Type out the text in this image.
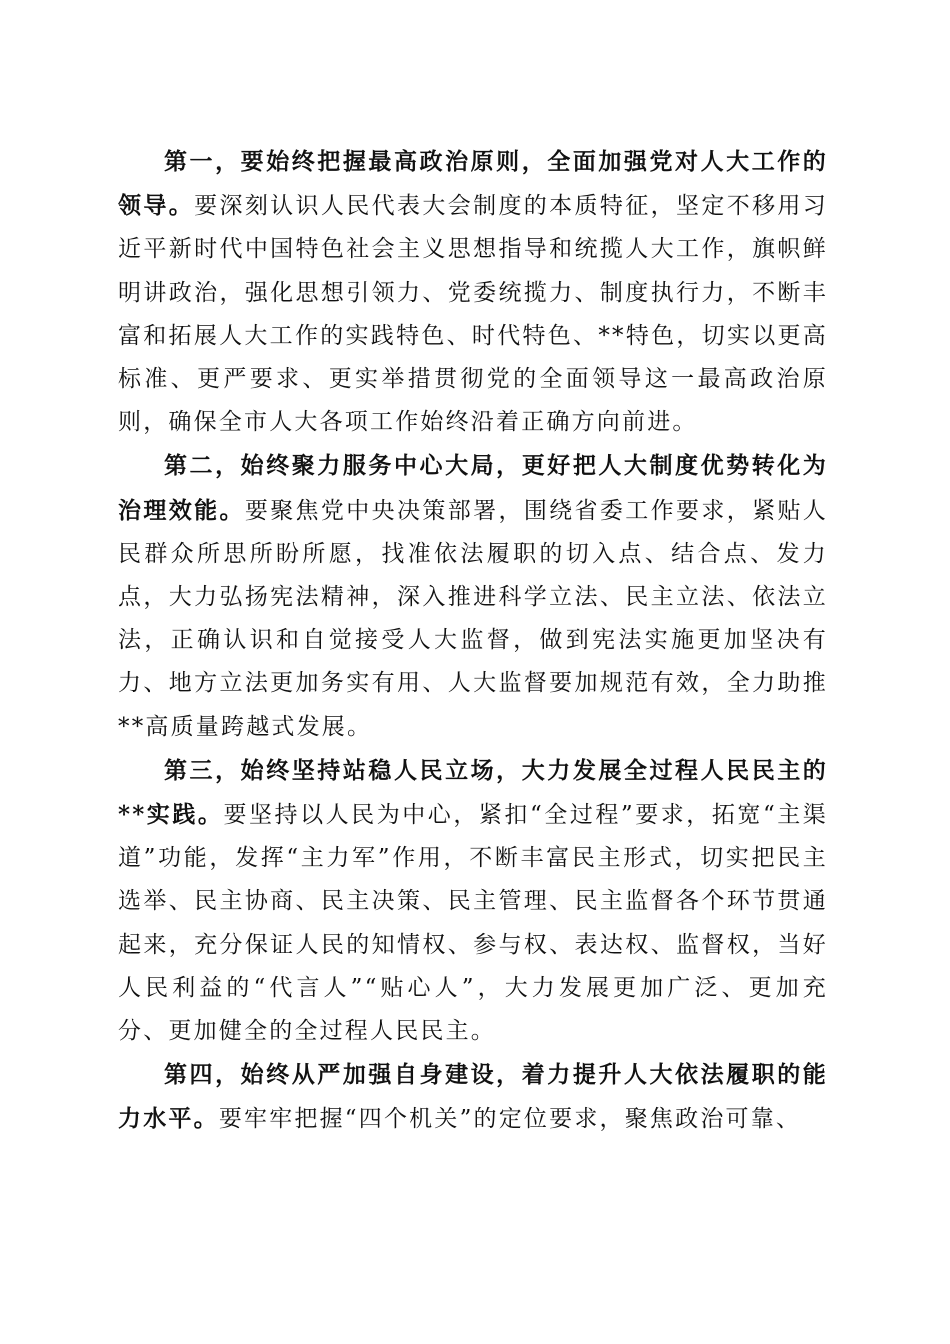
第一，要始终把握最高政治原则，全面加强党对人大工作的领导。要深刻认识人民代表大会制度的本质特征，坚定不移用习近平新时代中国特色社会主义思想指导和统揽人大工作，旗帜鲜明讲政治，强化思想引领力、党委统揽力、制度执行力，不断丰富和拓展人大工作的实践特色、时代特色、**特色，切实以更高标准、更严要求、更实举措贯彻党的全面领导这一最高政治原则，确保全市人大各项工作始终沿着正确方向前进。

第二，始终聚力服务中心大局，更好把人大制度优势转化为治理效能。要聚焦党中央决策部署，围绕省委工作要求，紧贴人民群众所思所盼所愿，找准依法履职的切入点、结合点、发力点，大力弘扬宪法精神，深入推进科学立法、民主立法、依法立法，正确认识和自觉接受人大监督，做到宪法实施更加坚决有力、地方立法更加务实有用、人大监督要加规范有效，全力助推**高质量跨越式发展。

第三，始终坚持站稳人民立场，大力发展全过程人民民主的**实践。要坚持以人民为中心，紧扣“全过程”要求，拓宽“主渠道”功能，发挥“主力军”作用，不断丰富民主形式，切实把民主选举、民主协商、民主决策、民主管理、民主监督各个环节贯通起来，充分保证人民的知情权、参与权、表达权、监督权，当好人民利益的“代言人”“贴心人”，大力发展更加广泛、更加充分、更加健全的全过程人民民主。

第四，始终从严加强自身建设，着力提升人大依法履职的能力水平。要牢牢把握“四个机关”的定位要求，聚焦政治可靠、
